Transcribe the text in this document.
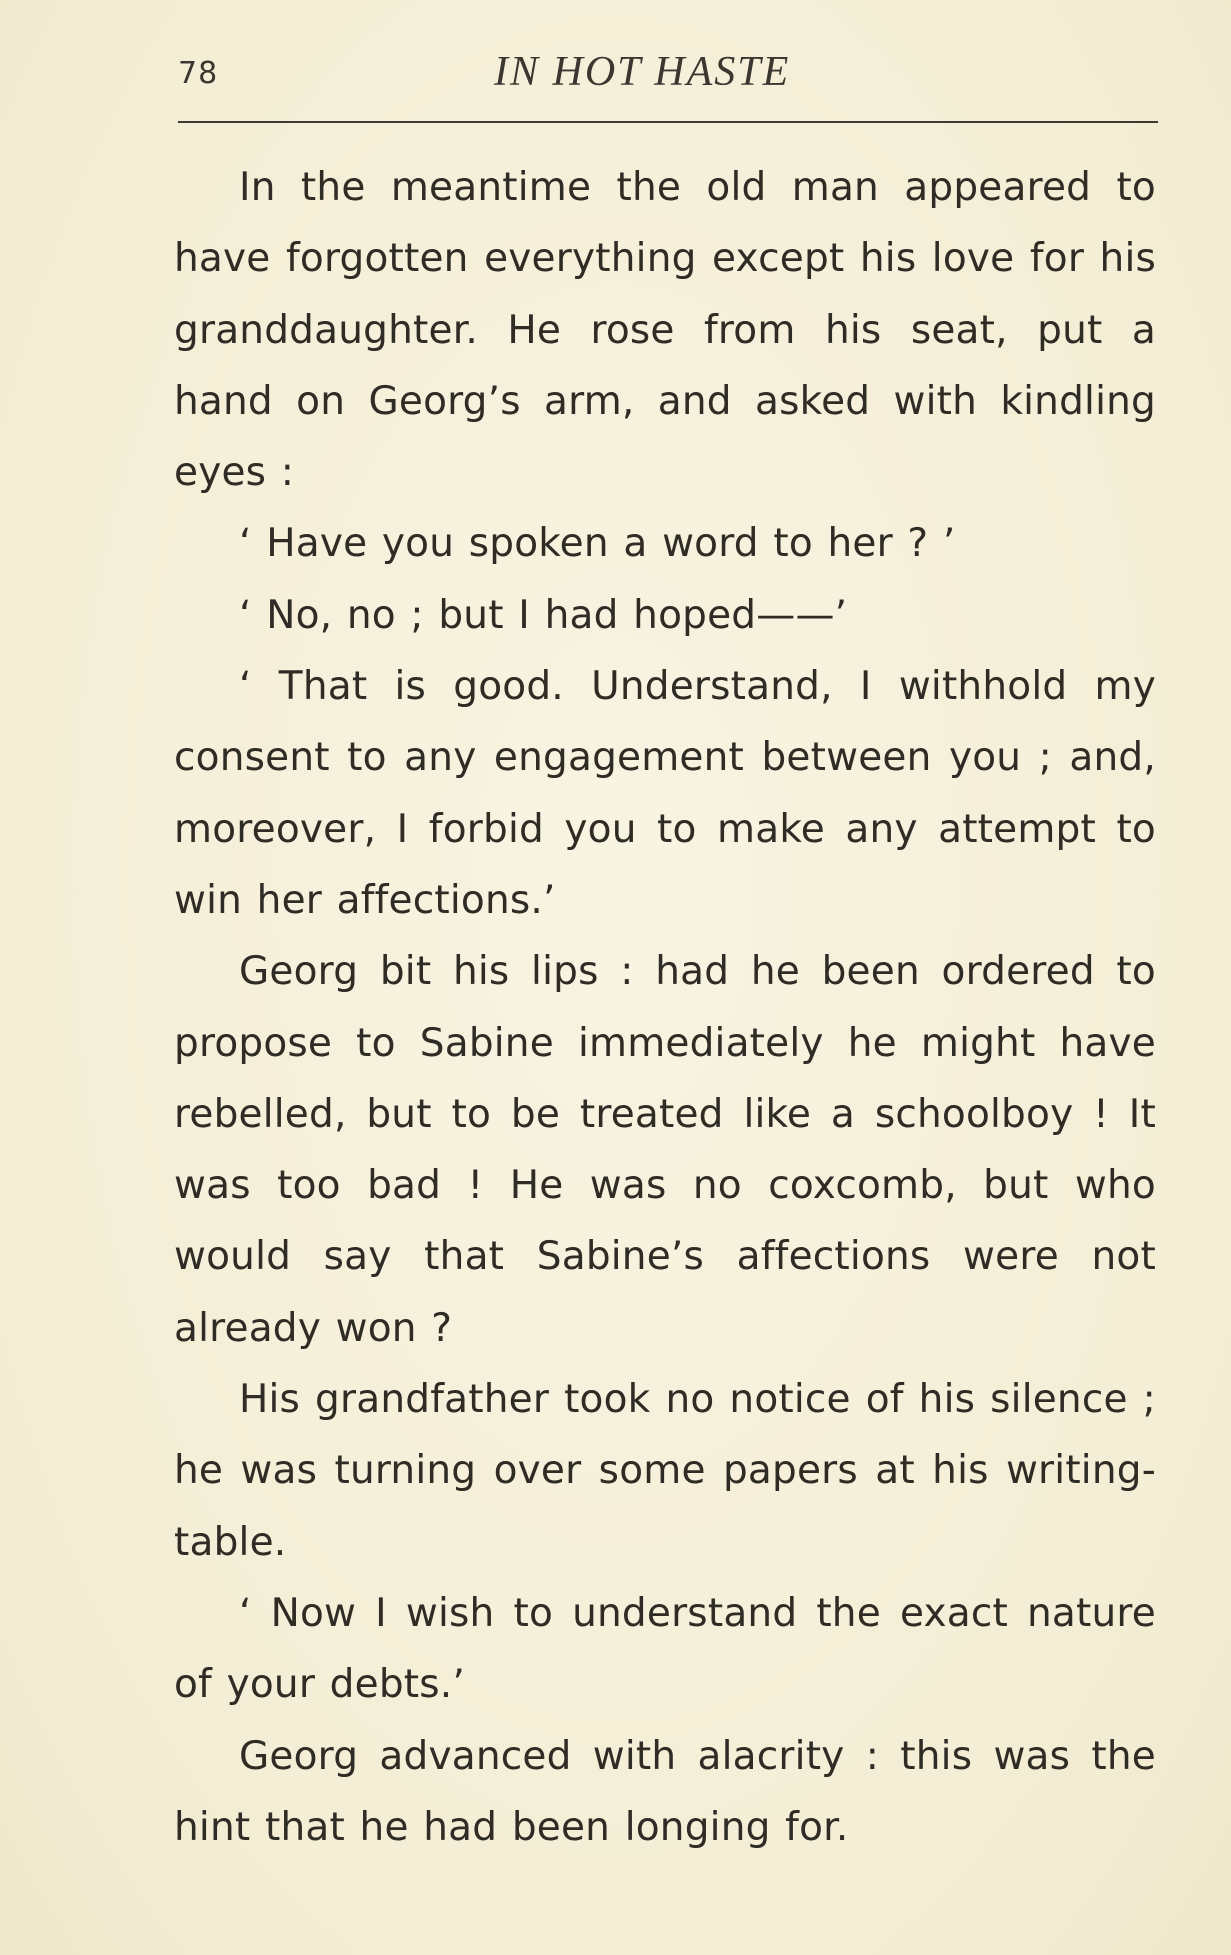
78	IN HOT HASTE

In the meantime the old man appeared to have forgotten everything except his love for his granddaughter. He rose from his seat, put a hand on Georg’s arm, and asked with kindling eyes :

‘ Have you spoken a word to her ? ’

‘ No, no ; but I had hoped——’

‘ That is good. Understand, I withhold my consent to any engagement between you ; and, moreover, I forbid you to make any attempt to win her affections.’

Georg bit his lips : had he been ordered to propose to Sabine immediately he might have rebelled, but to be treated like a schoolboy ! It was too bad ! He was no coxcomb, but who would say that Sabine’s affections were not already won ?

His grandfather took no notice of his silence ; he was turning over some papers at his writing-table.

‘ Now I wish to understand the exact nature of your debts.’

Georg advanced with alacrity : this was the hint that he had been longing for.
